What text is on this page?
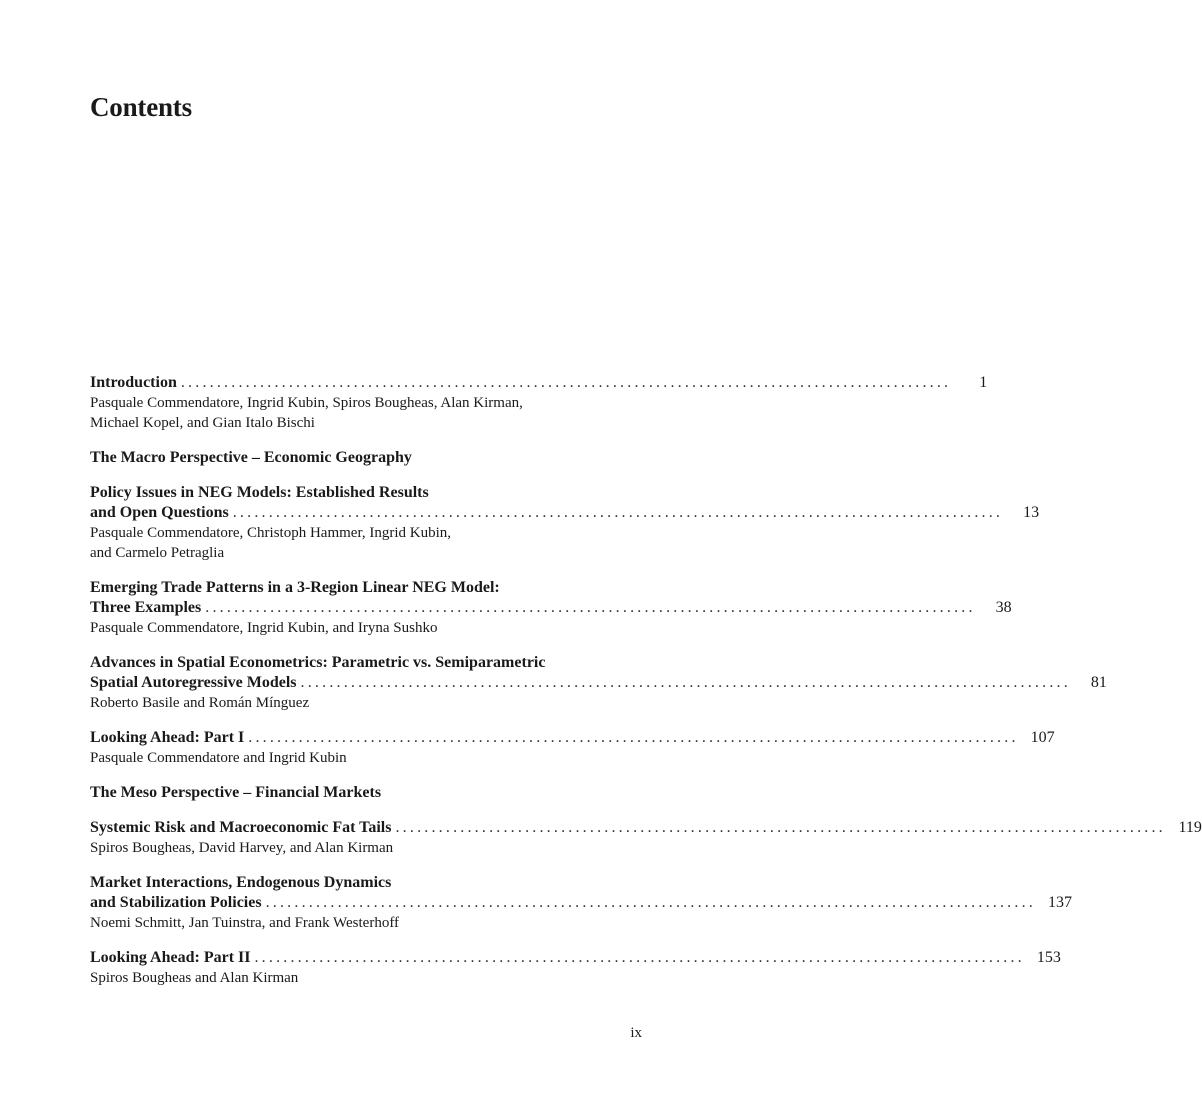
Contents
Introduction ...........................................................................................................	1
Pasquale Commendatore, Ingrid Kubin, Spiros Bougheas, Alan Kirman,
Michael Kopel, and Gian Italo Bischi
The Macro Perspective – Economic Geography
Policy Issues in NEG Models: Established Results
and Open Questions ...........................................................................................................	13
Pasquale Commendatore, Christoph Hammer, Ingrid Kubin,
and Carmelo Petraglia
Emerging Trade Patterns in a 3-Region Linear NEG Model:
Three Examples ...........................................................................................................	38
Pasquale Commendatore, Ingrid Kubin, and Iryna Sushko
Advances in Spatial Econometrics: Parametric vs. Semiparametric
Spatial Autoregressive Models ...........................................................................................................	81
Roberto Basile and Román Mínguez
Looking Ahead: Part I ........................................................................................................... 107
Pasquale Commendatore and Ingrid Kubin
The Meso Perspective – Financial Markets
Systemic Risk and Macroeconomic Fat Tails ........................................................................................................... 119
Spiros Bougheas, David Harvey, and Alan Kirman
Market Interactions, Endogenous Dynamics
and Stabilization Policies ........................................................................................................... 137
Noemi Schmitt, Jan Tuinstra, and Frank Westerhoff
Looking Ahead: Part II ........................................................................................................... 153
Spiros Bougheas and Alan Kirman
ix
